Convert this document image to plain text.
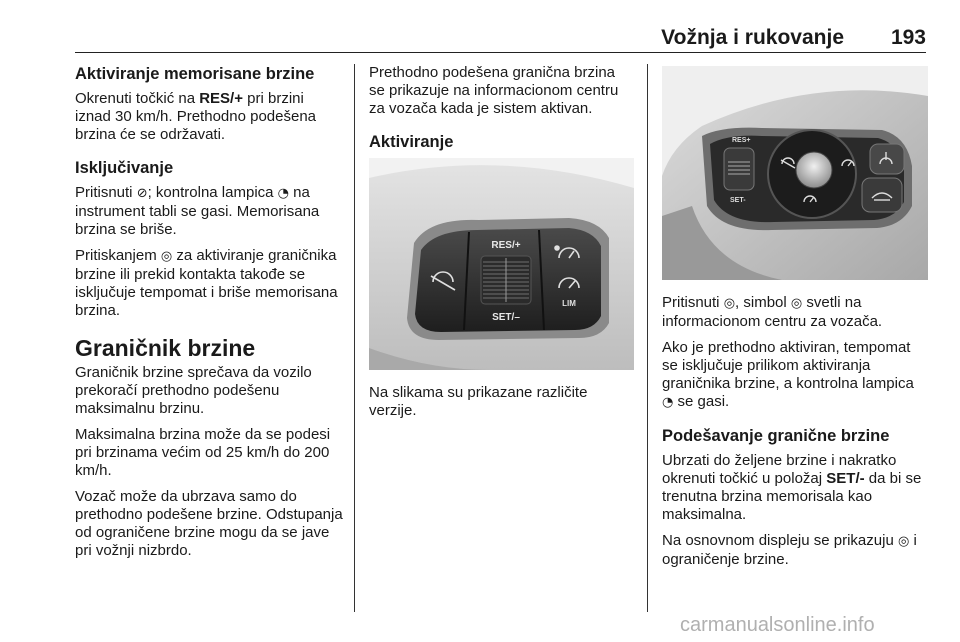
Vožnja i rukovanje 193
Aktiviranje memorisane brzine

Okrenuti točkić na RES/+ pri brzini iznad 30 km/h. Prethodno podešena brzina će se održavati.

Isključivanje

Pritisnuti ⊘; kontrolna lampica ◔ na instrument tabli se gasi. Memorisana brzina se briše.

Pritiskanjem ◎ za aktiviranje graničnika brzine ili prekid kontakta takođe se isključuje tempomat i briše memorisana brzina.

Graničnik brzine

Graničnik brzine sprečava da vozilo prekoračí prethodno podešenu maksimalnu brzinu.

Maksimalna brzina može da se podesi pri brzinama većim od 25 km/h do 200 km/h.

Vozač može da ubrzava samo do prethodno podešene brzine. Odstupanja od ograničene brzine mogu da se jave pri vožnji nizbrdo.

Prethodno podešena granična brzina se prikazuje na informacionom centru za vozača kada je sistem aktivan.

Aktiviranje
RES/+
SET/–
LIM

Na slikama su prikazane različite verzije.

RES+
SET-

Pritisnuti ◎, simbol ◎ svetli na informacionom centru za vozača.

Ako je prethodno aktiviran, tempomat se isključuje prilikom aktiviranja graničnika brzine, a kontrolna lampica ◔ se gasi.

Podešavanje granične brzine

Ubrzati do željene brzine i nakratko okrenuti točkić u položaj SET/- da bi se trenutna brzina memorisala kao maksimalna.

Na osnovnom displeju se prikazuju ◎ i ograničenje brzine.

carmanualsonline.info
